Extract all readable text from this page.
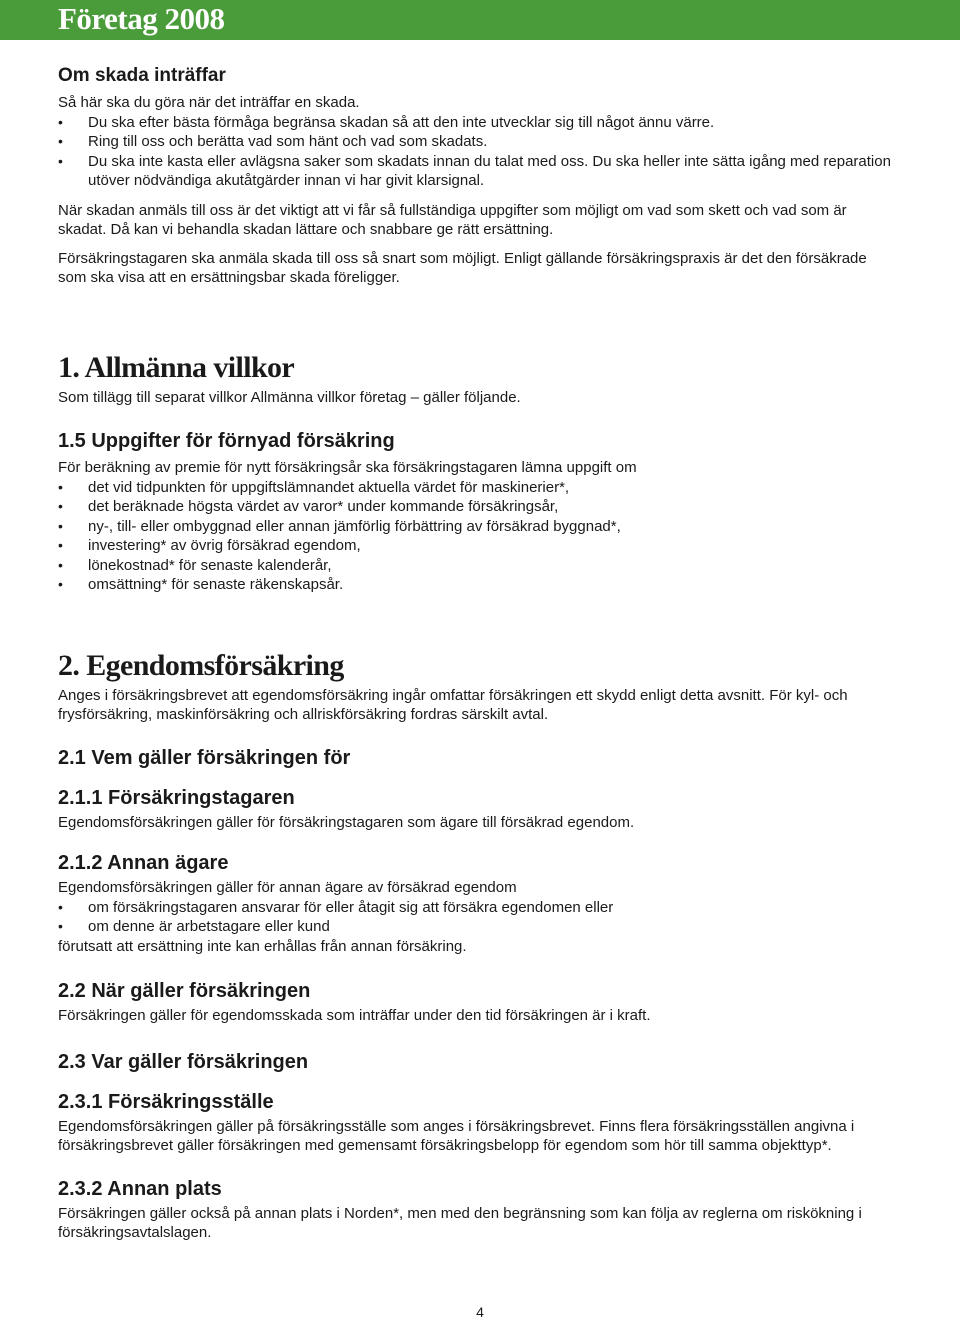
Företag 2008
Om skada inträffar

Så här ska du göra när det inträffar en skada.

• Du ska efter bästa förmåga begränsa skadan så att den inte utvecklar sig till något ännu värre.
• Ring till oss och berätta vad som hänt och vad som skadats.
• Du ska inte kasta eller avlägsna saker som skadats innan du talat med oss. Du ska heller inte sätta igång med reparation utöver nödvändiga akutåtgärder innan vi har givit klarsignal.

När skadan anmäls till oss är det viktigt att vi får så fullständiga uppgifter som möjligt om vad som skett och vad som är skadat. Då kan vi behandla skadan lättare och snabbare ge rätt ersättning.

Försäkringstagaren ska anmäla skada till oss så snart som möjligt. Enligt gällande försäkringspraxis är det den försäkrade som ska visa att en ersättningsbar skada föreligger.

1. Allmänna villkor

Som tillägg till separat villkor Allmänna villkor företag – gäller följande.

1.5 Uppgifter för förnyad försäkring

För beräkning av premie för nytt försäkringsår ska försäkringstagaren lämna uppgift om

• det vid tidpunkten för uppgiftslämnandet aktuella värdet för maskinerier*,
• det beräknade högsta värdet av varor* under kommande försäkringsår,
• ny-, till- eller ombyggnad eller annan jämförlig förbättring av försäkrad byggnad*,
• investering* av övrig försäkrad egendom,
• lönekostnad* för senaste kalenderår,
• omsättning* för senaste räkenskapsår.
2. Egendomsförsäkring

Anges i försäkringsbrevet att egendomsförsäkring ingår omfattar försäkringen ett skydd enligt detta avsnitt. För kyl- och frysförsäkring, maskinförsäkring och allriskförsäkring fordras särskilt avtal.

2.1 Vem gäller försäkringen för
2.1.1 Försäkringstagaren

Egendomsförsäkringen gäller för försäkringstagaren som ägare till försäkrad egendom.

2.1.2 Annan ägare

Egendomsförsäkringen gäller för annan ägare av försäkrad egendom

• om försäkringstagaren ansvarar för eller åtagit sig att försäkra egendomen eller
• om denne är arbetstagare eller kund

förutsatt att ersättning inte kan erhållas från annan försäkring.

2.2 När gäller försäkringen

Försäkringen gäller för egendomsskada som inträffar under den tid försäkringen är i kraft.

2.3 Var gäller försäkringen
2.3.1 Försäkringsställe

Egendomsförsäkringen gäller på försäkringsställe som anges i försäkringsbrevet. Finns flera försäkringsställen angivna i försäkringsbrevet gäller försäkringen med gemensamt försäkringsbelopp för egendom som hör till samma objekttyp*.

2.3.2 Annan plats

Försäkringen gäller också på annan plats i Norden*, men med den begränsning som kan följa av reglerna om riskökning i försäkringsavtalslagen.

4
